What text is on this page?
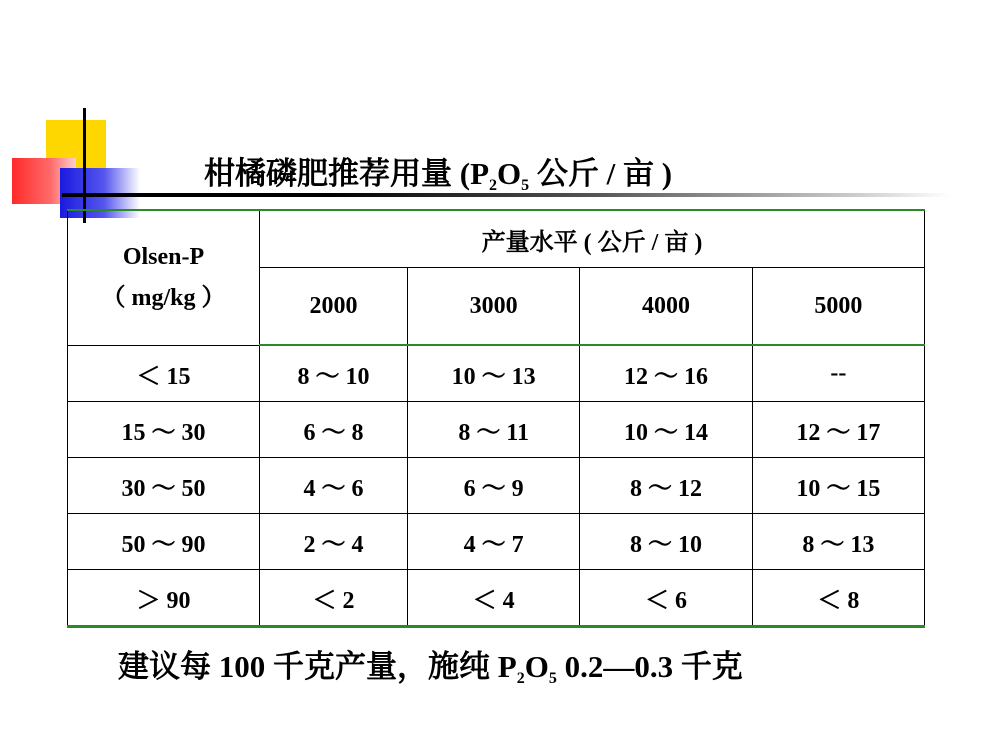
柑橘磷肥推荐用量 ($P_2O_5$ 公斤 / 亩 )
Olsen-P
（ mg/kg ）	产量水平 ( 公斤 / 亩 )			
	2000	3000	4000	5000
＜ 15	8 ～ 10	10 ～ 13	12 ～ 16	--
15 ～ 30	6 ～ 8	8 ～ 11	10 ～ 14	12 ～ 17
30 ～ 50	4 ～ 6	6 ～ 9	8 ～ 12	10 ～ 15
50 ～ 90	2 ～ 4	4 ～ 7	8 ～ 10	8 ～ 13
＞ 90	＜ 2	＜ 4	＜ 6	＜ 8
建议每 100 千克产量，施纯 $P_2O_5$ 0.2—0.3 千克
